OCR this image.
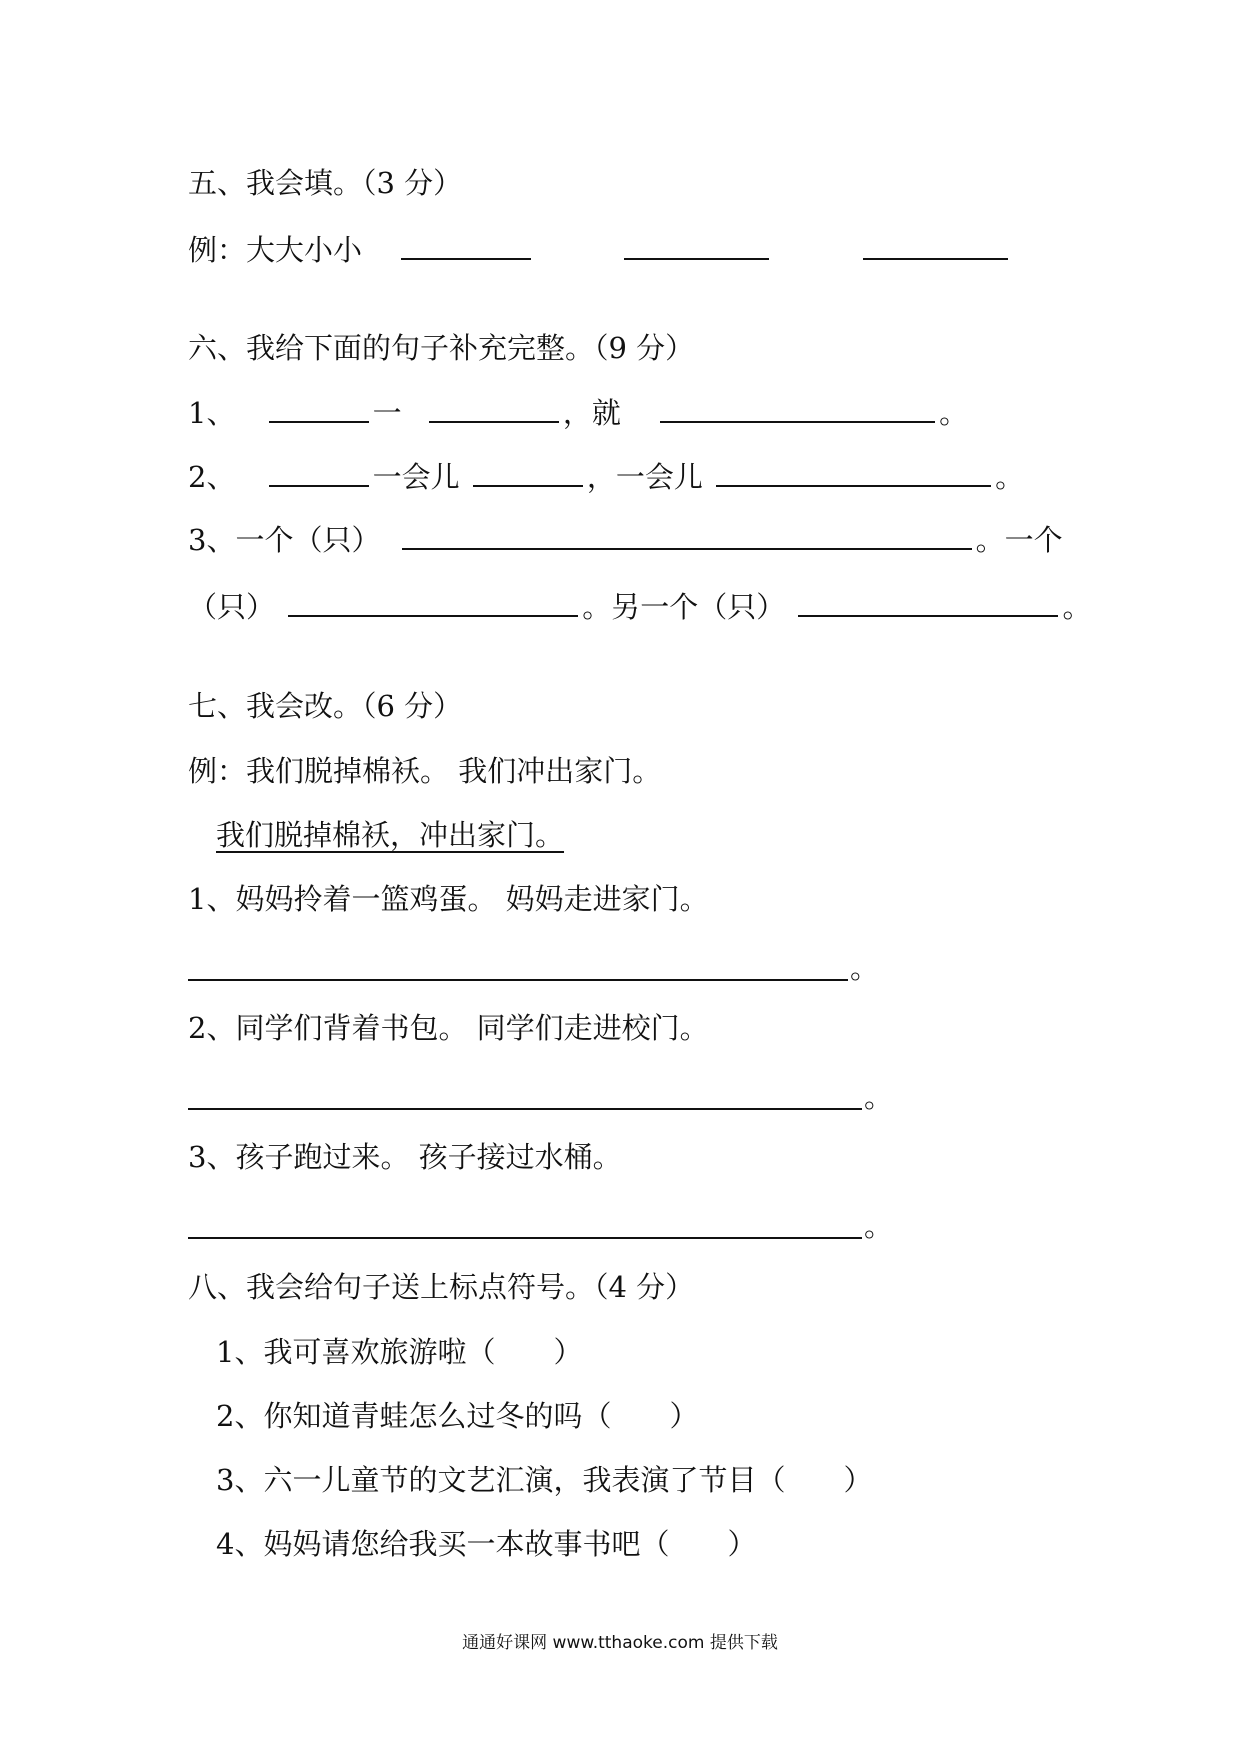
五、我会填。（3 分）
例：大大小小
六、我给下面的句子补充完整。（9 分）
1、	一	，就	。
2、	一会儿	，一会儿	。
3、一个（只）	。一个
（只）	。另一个（只）	。
七、我会改。（6 分）
例：我们脱掉棉袄。 我们冲出家门。
我们脱掉棉袄，冲出家门。
1、妈妈拎着一篮鸡蛋。 妈妈走进家门。
。
2、同学们背着书包。 同学们走进校门。
。
3、孩子跑过来。 孩子接过水桶。
。
八、我会给句子送上标点符号。（4 分）
1、我可喜欢旅游啦（　　）
2、你知道青蛙怎么过冬的吗（　　）
3、六一儿童节的文艺汇演，我表演了节目（　　）
4、妈妈请您给我买一本故事书吧（　　）
通通好课网 www.tthaoke.com 提供下载
